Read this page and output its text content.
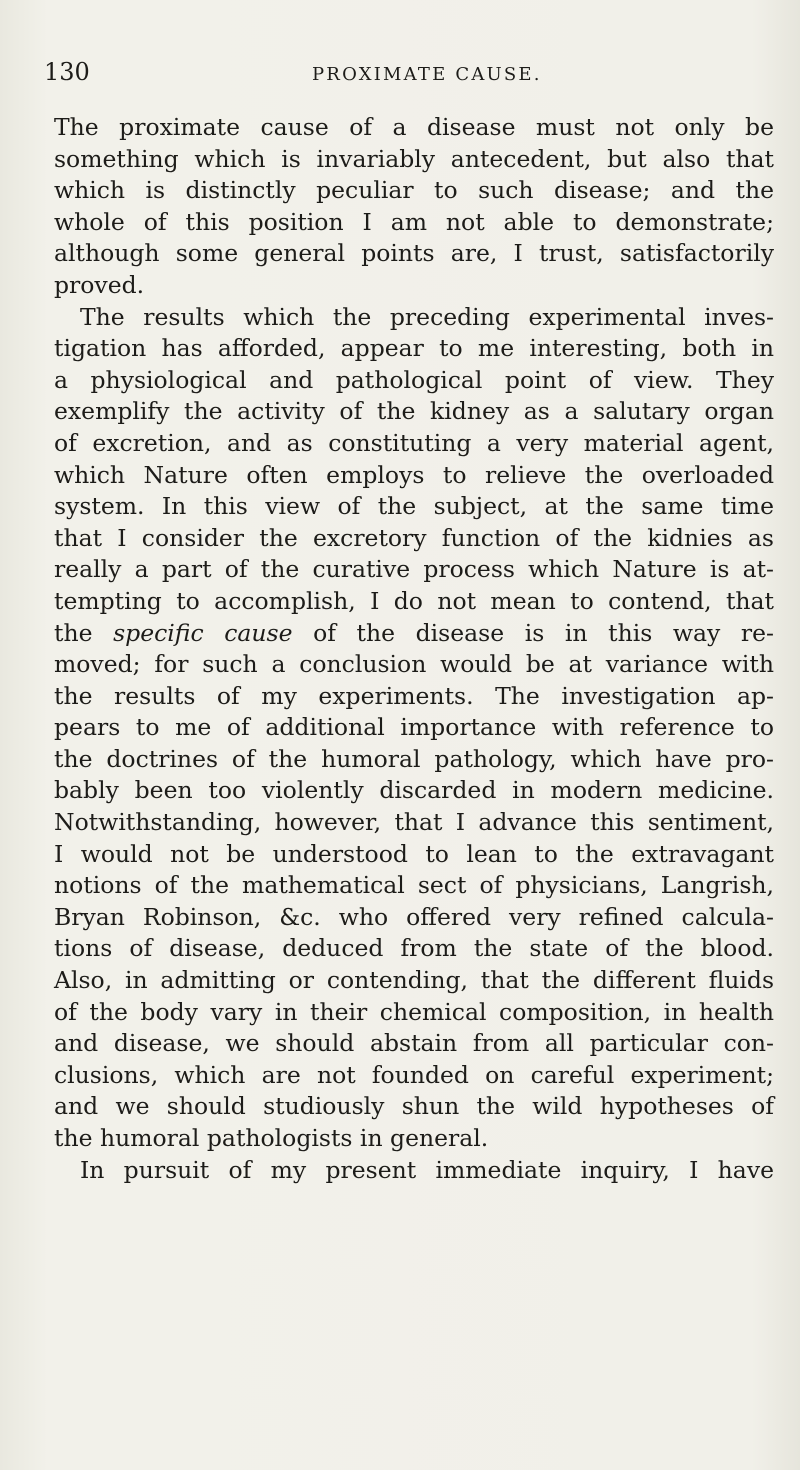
130	PROXIMATE CAUSE.
The proximate cause of a disease must not only be
something which is invariably antecedent, but also that
which is distinctly peculiar to such disease; and the
whole of this position I am not able to demonstrate;
although some general points are, I trust, satisfactorily
proved.
The results which the preceding experimental inves-
tigation has afforded, appear to me interesting, both in
a physiological and pathological point of view. They
exemplify the activity of the kidney as a salutary organ
of excretion, and as constituting a very material agent,
which Nature often employs to relieve the overloaded
system. In this view of the subject, at the same time
that I consider the excretory function of the kidnies as
really a part of the curative process which Nature is at-
tempting to accomplish, I do not mean to contend, that
the specific cause of the disease is in this way re-
moved; for such a conclusion would be at variance with
the results of my experiments. The investigation ap-
pears to me of additional importance with reference to
the doctrines of the humoral pathology, which have pro-
bably been too violently discarded in modern medicine.
Notwithstanding, however, that I advance this sentiment,
I would not be understood to lean to the extravagant
notions of the mathematical sect of physicians, Langrish,
Bryan Robinson, &c. who offered very refined calcula-
tions of disease, deduced from the state of the blood.
Also, in admitting or contending, that the different fluids
of the body vary in their chemical composition, in health
and disease, we should abstain from all particular con-
clusions, which are not founded on careful experiment;
and we should studiously shun the wild hypotheses of
the humoral pathologists in general.
In pursuit of my present immediate inquiry, I have
